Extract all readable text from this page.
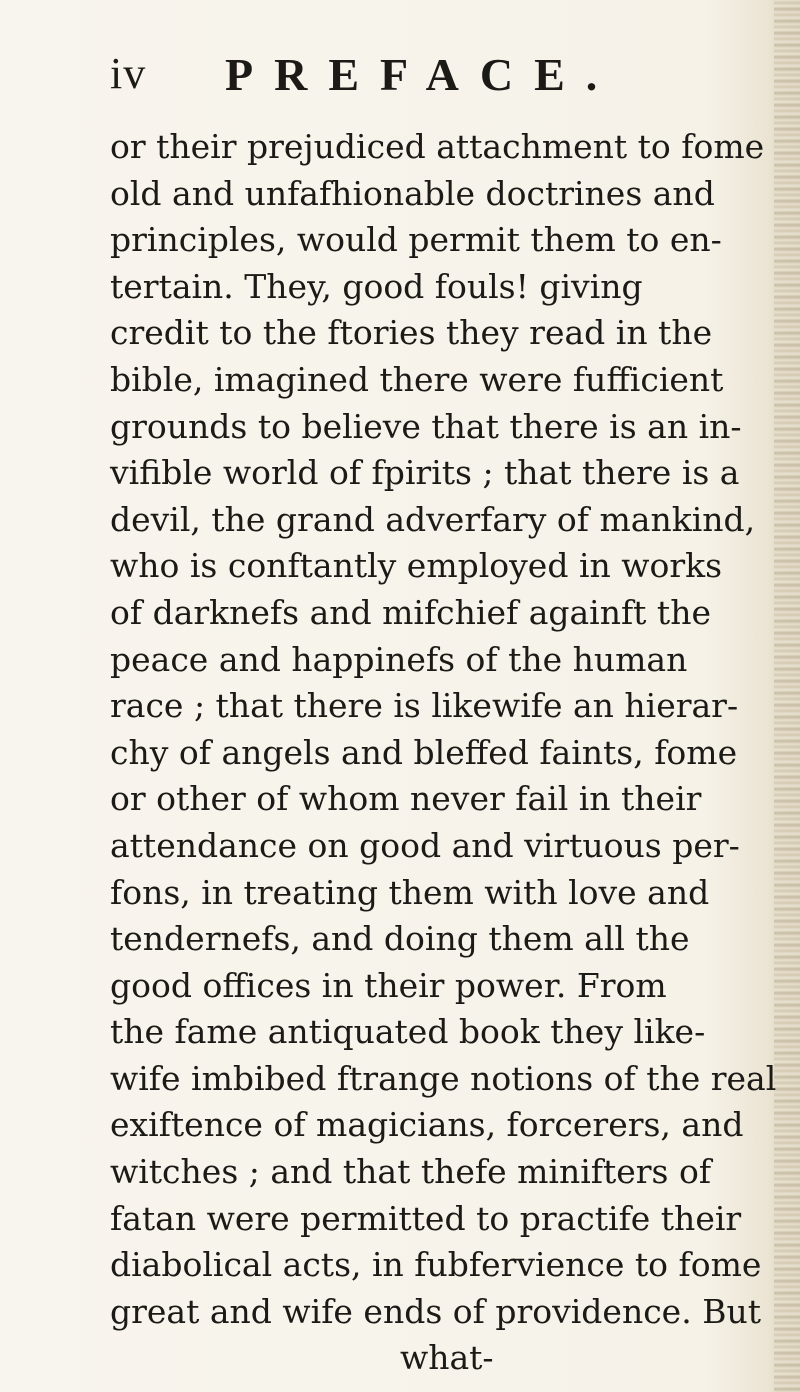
iv PREFACE.
or their prejudiced attachment to fome
old and unfafhionable doctrines and
principles, would permit them to en-
tertain. They, good fouls! giving
credit to the ftories they read in the
bible, imagined there were fufficient
grounds to believe that there is an in-
vifible world of fpirits ; that there is a
devil, the grand adverfary of mankind,
who is conftantly employed in works
of darknefs and mifchief againft the
peace and happinefs of the human
race ; that there is likewife an hierar-
chy of angels and bleffed faints, fome
or other of whom never fail in their
attendance on good and virtuous per-
fons, in treating them with love and
tendernefs, and doing them all the
good offices in their power. From
the fame antiquated book they like-
wife imbibed ftrange notions of the real
exiftence of magicians, forcerers, and
witches ; and that thefe minifters of
fatan were permitted to practife their
diabolical acts, in fubfervience to fome
great and wife ends of providence. But
what-
